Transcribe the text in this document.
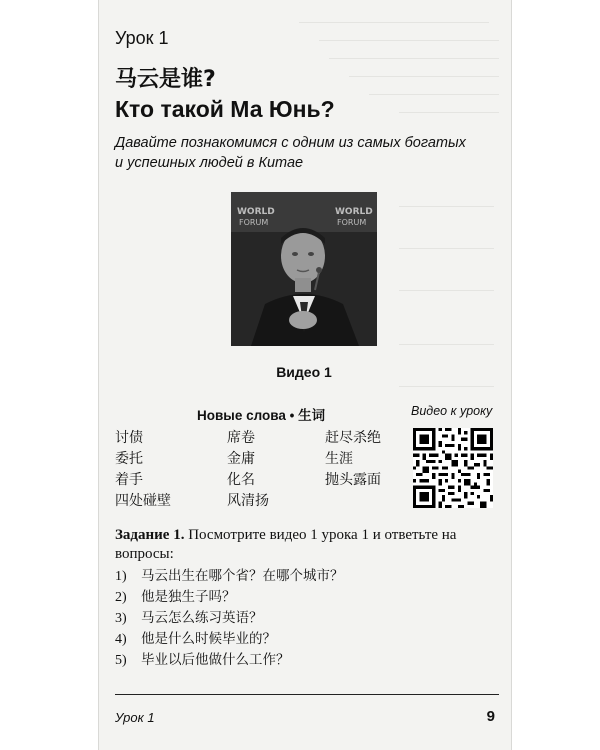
Урок 1
马云是谁?
Кто такой Ма Юнь?
Давайте познакомимся с одним из самых богатых
и успешных людей в Китае
WORLD
FORUM
WORLD
FORUM
Видео 1
Новые слова • 生词	Видео к уроку
讨债
委托
着手
四处碰壁
席卷
金庸
化名
风清扬
赶尽杀绝
生涯
抛头露面
Задание 1. Посмотрите видео 1 урока 1 и ответьте на вопросы:
1) 马云出生在哪个省？在哪个城市？
2) 他是独生子吗？
3) 马云怎么练习英语？
4) 他是什么时候毕业的？
5) 毕业以后他做什么工作？
Урок 1	9
